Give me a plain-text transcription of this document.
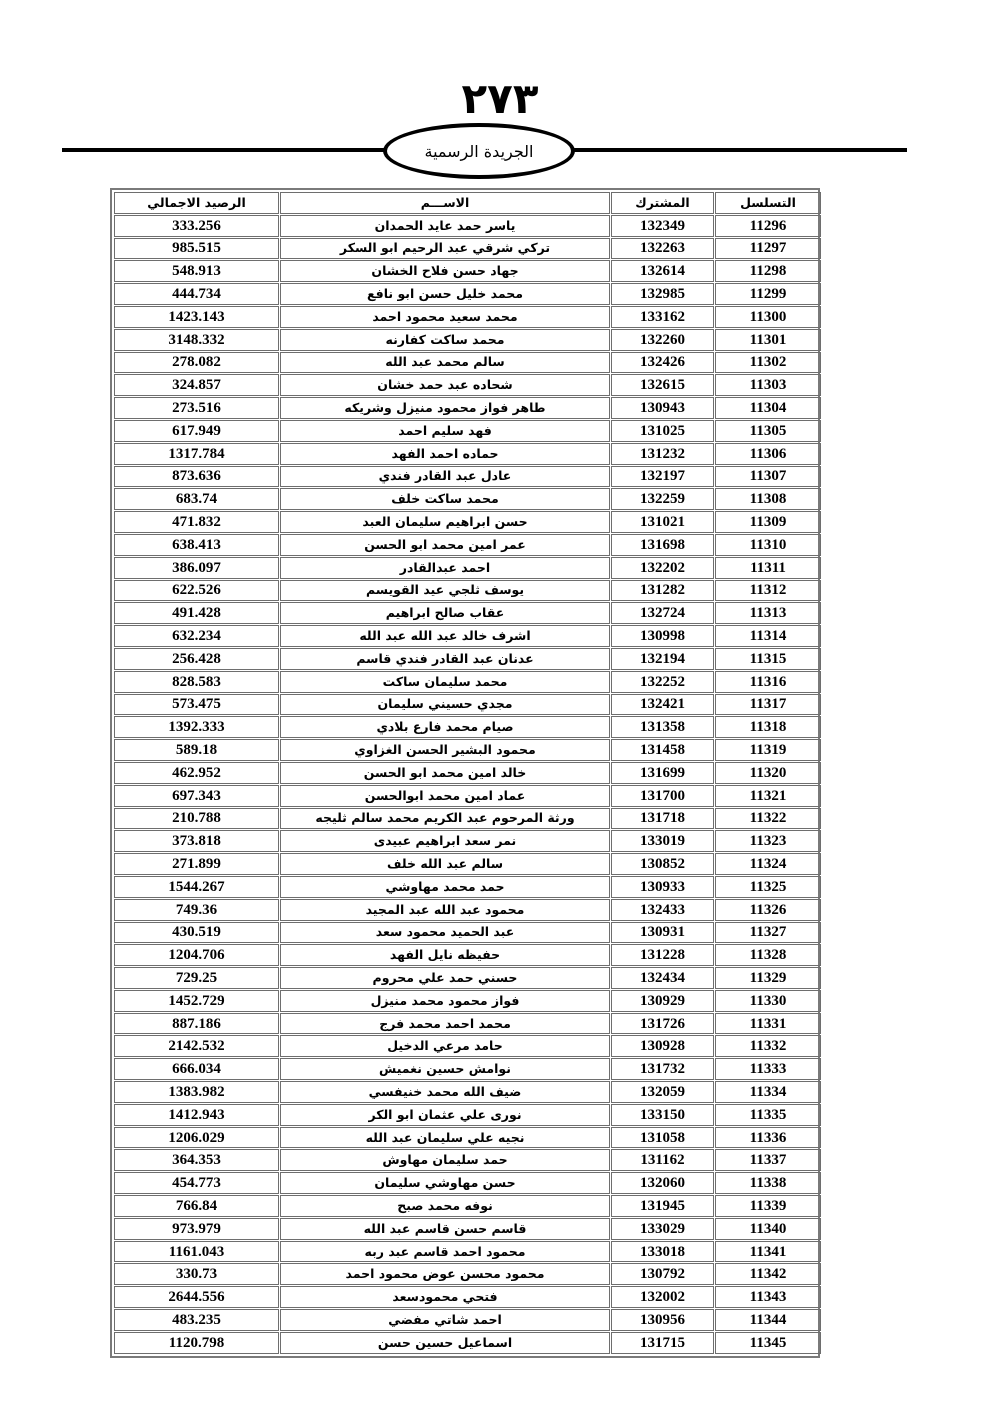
٢٧٣
الجريدة الرسمية
الرصيد الاجمالي	الاســـم	المشترك	التسلسل
333.256	ياسر حمد عايد الحمدان	132349	11296
985.515	تركي شرقي عبد الرحيم ابو السكر	132263	11297
548.913	جهاد حسن فلاح الخشان	132614	11298
444.734	محمد خليل حسن ابو نافع	132985	11299
1423.143	محمد سعيد محمود احمد	133162	11300
3148.332	محمد ساكت كفارنه	132260	11301
278.082	سالم محمد عبد الله	132426	11302
324.857	شحاده عبد حمد خشان	132615	11303
273.516	طاهر فواز محمود منيزل وشريكه	130943	11304
617.949	فهد سليم احمد	131025	11305
1317.784	حماده احمد الفهد	131232	11306
873.636	عادل عبد القادر فندي	132197	11307
683.74	محمد ساكت خلف	132259	11308
471.832	حسن ابراهيم سليمان العبد	131021	11309
638.413	عمر امين محمد ابو الحسن	131698	11310
386.097	احمد عبدالقادر	132202	11311
622.526	يوسف ثلجي عيد القويسم	131282	11312
491.428	عقاب صالح ابراهيم	132724	11313
632.234	اشرف خالد عبد الله عبد الله	130998	11314
256.428	عدنان عبد القادر فندي قاسم	132194	11315
828.583	محمد سليمان ساكت	132252	11316
573.475	مجدي حسيني سليمان	132421	11317
1392.333	صيام محمد فارع بلادي	131358	11318
589.18	محمود البشير الحسن الغزاوي	131458	11319
462.952	خالد امين محمد ابو الحسن	131699	11320
697.343	عماد امين محمد ابوالحسن	131700	11321
210.788	ورثة المرحوم عبد الكريم محمد سالم ثليجه	131718	11322
373.818	نمر سعد ابراهيم عبيدى	133019	11323
271.899	سالم عبد الله خلف	130852	11324
1544.267	حمد محمد مهاوشي	130933	11325
749.36	محمود عبد الله عبد المجيد	132433	11326
430.519	عبد الحميد محمود سعد	130931	11327
1204.706	حفيظه نايل الفهد	131228	11328
729.25	حسني حمد علي محروم	132434	11329
1452.729	فواز محمود محمد منيزل	130929	11330
887.186	محمد احمد محمد فرج	131726	11331
2142.532	حامد مرعي الدخيل	130928	11332
666.034	نوامش حسين نغميش	131732	11333
1383.982	ضيف الله محمد خنيفسي	132059	11334
1412.943	نورى علي عثمان ابو الكر	133150	11335
1206.029	نجيه علي سليمان عبد الله	131058	11336
364.353	حمد سليمان مهاوش	131162	11337
454.773	حسن مهاوشي سليمان	132060	11338
766.84	نوفه محمد صبح	131945	11339
973.979	قاسم حسن قاسم عبد الله	133029	11340
1161.043	محمود احمد قاسم عبد ربه	133018	11341
330.73	محمود محسن عوض محمود احمد	130792	11342
2644.556	فتحي محمودسعد	132002	11343
483.235	احمد شاتي مفضي	130956	11344
1120.798	اسماعيل حسين حسن	131715	11345
